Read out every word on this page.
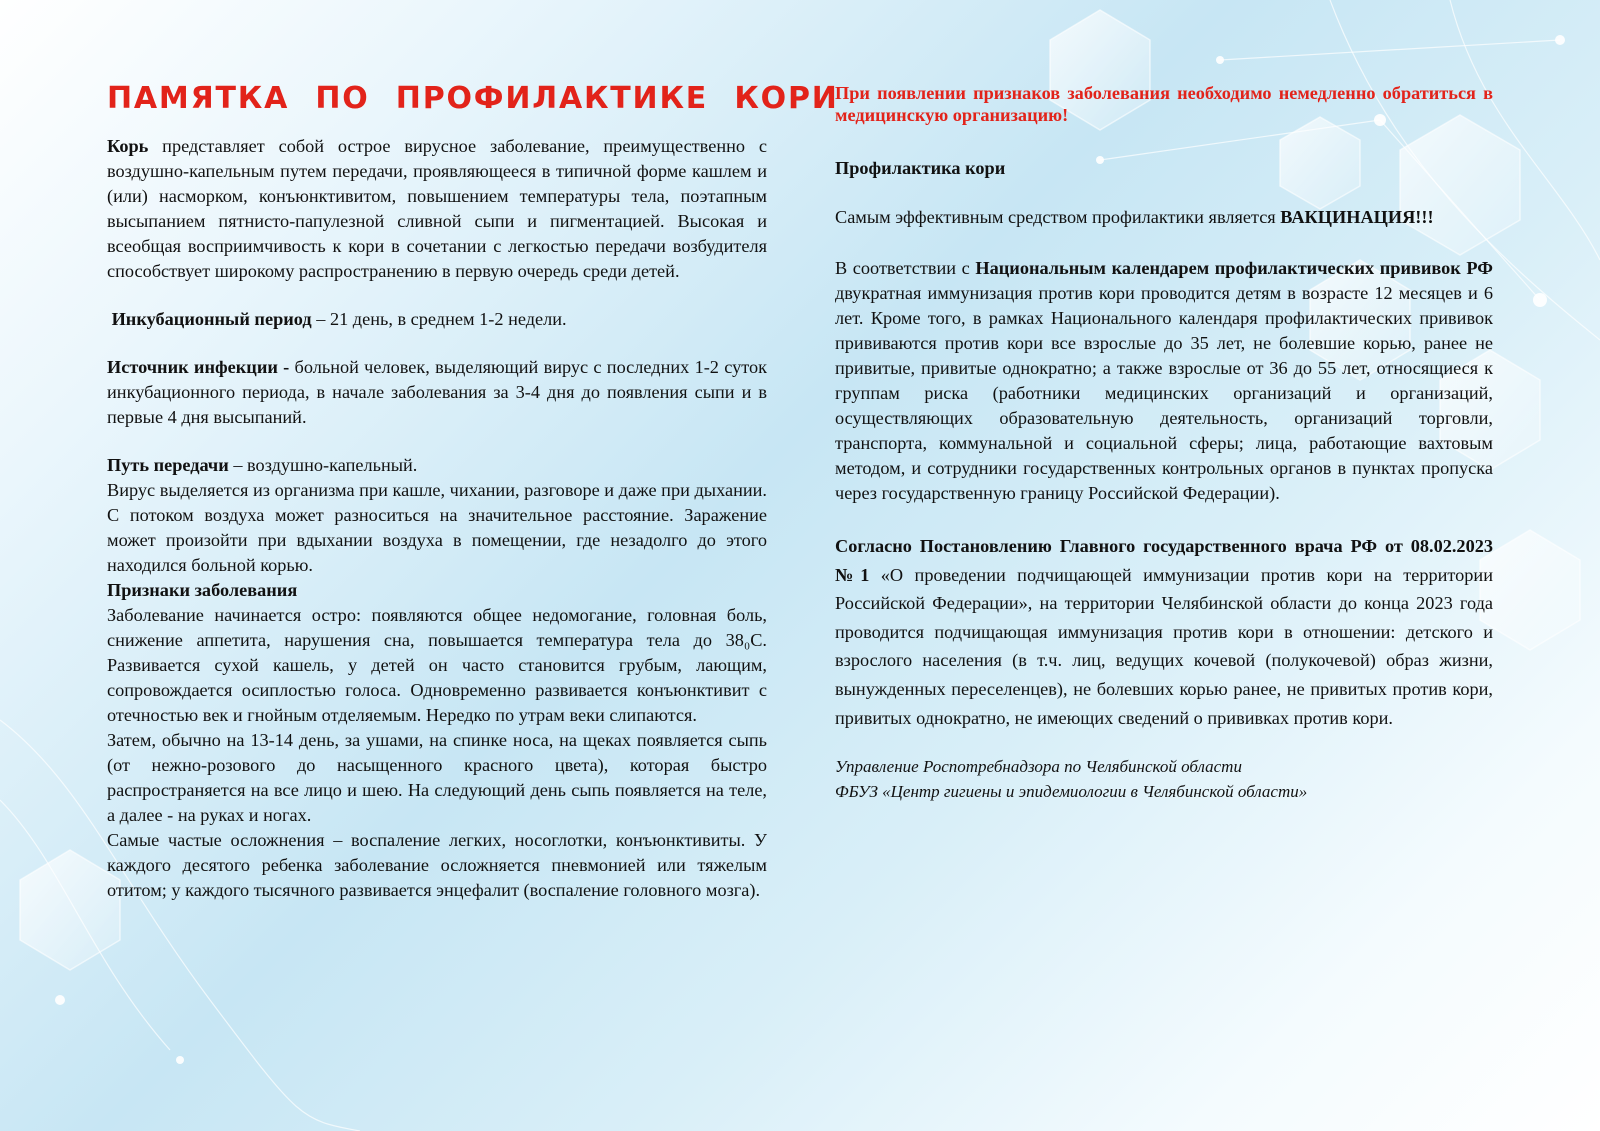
ПАМЯТКА ПО ПРОФИЛАКТИКЕ КОРИ

Корь представляет собой острое вирусное заболевание, преимущественно с воздушно-капельным путем передачи, проявляющееся в типичной форме кашлем и (или) насморком, конъюнктивитом, повышением температуры тела, поэтапным высыпанием пятнисто-папулезной сливной сыпи и пигментацией. Высокая и всеобщая восприимчивость к кори в сочетании с легкостью передачи возбудителя способствует широкому распространению в первую очередь среди детей.

Инкубационный период – 21 день, в среднем 1-2 недели.

Источник инфекции - больной человек, выделяющий вирус с последних 1-2 суток инкубационного периода, в начале заболевания за 3-4 дня до появления сыпи и в первые 4 дня высыпаний.

Путь передачи – воздушно-капельный.

Вирус выделяется из организма при кашле, чихании, разговоре и даже при дыхании. С потоком воздуха может разноситься на значительное расстояние. Заражение может произойти при вдыхании воздуха в помещении, где незадолго до этого находился больной корью.

Признаки заболевания

Заболевание начинается остро: появляются общее недомогание, головная боль, снижение аппетита, нарушения сна, повышается температура тела до 38₀С. Развивается сухой кашель, у детей он часто становится грубым, лающим, сопровождается осиплостью голоса. Одновременно развивается конъюнктивит с отечностью век и гнойным отделяемым. Нередко по утрам веки слипаются.

Затем, обычно на 13-14 день, за ушами, на спинке носа, на щеках появляется сыпь (от нежно-розового до насыщенного красного цвета), которая быстро распространяется на все лицо и шею. На следующий день сыпь появляется на теле, а далее - на руках и ногах.

Самые частые осложнения – воспаление легких, носоглотки, конъюнктивиты. У каждого десятого ребенка заболевание осложняется пневмонией или тяжелым отитом; у каждого тысячного развивается энцефалит (воспаление головного мозга).

При появлении признаков заболевания необходимо немедленно обратиться в медицинскую организацию!

Профилактика кори

Самым эффективным средством профилактики является ВАКЦИНАЦИЯ!!!

В соответствии с Национальным календарем профилактических прививок РФ двукратная иммунизация против кори проводится детям в возрасте 12 месяцев и 6 лет. Кроме того, в рамках Национального календаря профилактических прививок прививаются против кори все взрослые до 35 лет, не болевшие корью, ранее не привитые, привитые однократно; а также взрослые от 36 до 55 лет, относящиеся к группам риска (работники медицинских организаций и организаций, осуществляющих образовательную деятельность, организаций торговли, транспорта, коммунальной и социальной сферы; лица, работающие вахтовым методом, и сотрудники государственных контрольных органов в пунктах пропуска через государственную границу Российской Федерации).

Согласно Постановлению Главного государственного врача РФ от 08.02.2023 №1 «О проведении подчищающей иммунизации против кори на территории Российской Федерации», на территории Челябинской области до конца 2023 года проводится подчищающая иммунизация против кори в отношении: детского и взрослого населения (в т.ч. лиц, ведущих кочевой (полукочевой) образ жизни, вынужденных переселенцев), не болевших корью ранее, не привитых против кори, привитых однократно, не имеющих сведений о прививках против кори.

Управление Роспотребнадзора по Челябинской области

ФБУЗ «Центр гигиены и эпидемиологии в Челябинской области»
